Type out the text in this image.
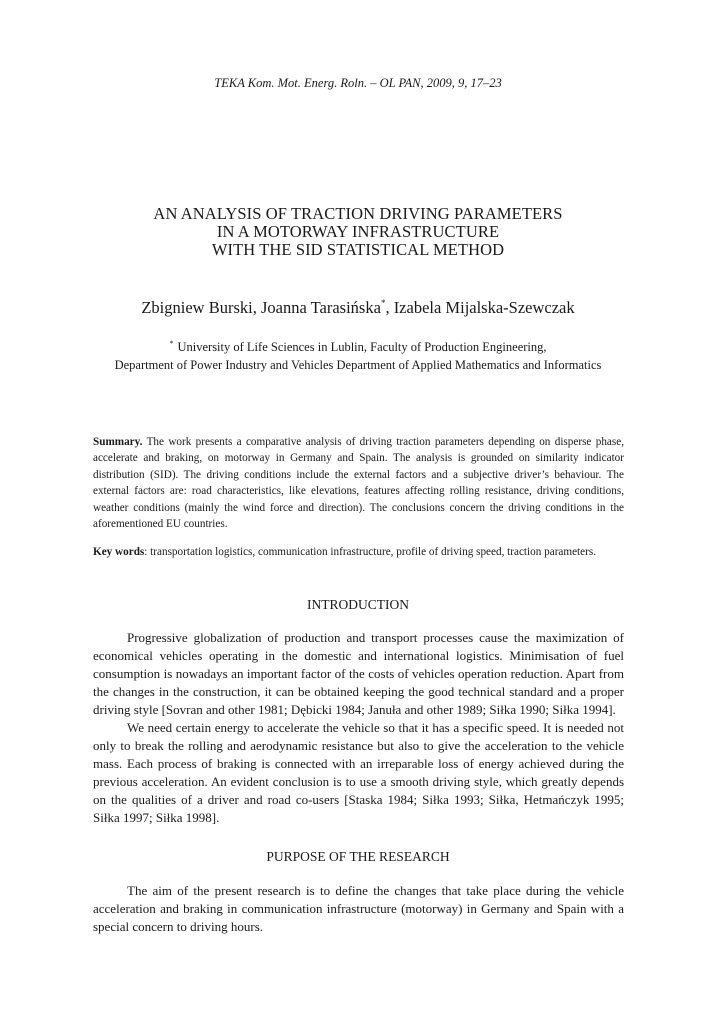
TEKA Kom. Mot. Energ. Roln. – OL PAN, 2009, 9, 17–23
AN ANALYSIS OF TRACTION DRIVING PARAMETERS
IN A MOTORWAY INFRASTRUCTURE
WITH THE SID STATISTICAL METHOD
Zbigniew Burski, Joanna Tarasińska*, Izabela Mijalska-Szewczak
* University of Life Sciences in Lublin, Faculty of Production Engineering,
Department of Power Industry and Vehicles Department of Applied Mathematics and Informatics
Summary. The work presents a comparative analysis of driving traction parameters depending on disperse phase, accelerate and braking, on motorway in Germany and Spain. The analysis is grounded on similarity indicator distribution (SID). The driving conditions include the external factors and a subjective driver’s behaviour. The external factors are: road characteristics, like elevations, features affecting rolling resistance, driving conditions, weather conditions (mainly the wind force and direction). The conclusions concern the driving conditions in the aforementioned EU countries.
Key words: transportation logistics, communication infrastructure, profile of driving speed, traction parameters.
INTRODUCTION

Progressive globalization of production and transport processes cause the maximization of economical vehicles operating in the domestic and international logistics. Minimisation of fuel consumption is nowadays an important factor of the costs of vehicles operation reduction. Apart from the changes in the construction, it can be obtained keeping the good technical standard and a proper driving style [Sovran and other 1981; Dębicki 1984; Januła and other 1989; Siłka 1990; Siłka 1994].

We need certain energy to accelerate the vehicle so that it has a specific speed. It is needed not only to break the rolling and aerodynamic resistance but also to give the acceleration to the vehicle mass. Each process of braking is connected with an irreparable loss of energy achieved during the previous acceleration. An evident conclusion is to use a smooth driving style, which greatly depends on the qualities of a driver and road co-users [Staska 1984; Siłka 1993; Siłka, Hetmańczyk 1995; Siłka 1997; Siłka 1998].

PURPOSE OF THE RESEARCH

The aim of the present research is to define the changes that take place during the vehicle acceleration and braking in communication infrastructure (motorway) in Germany and Spain with a special concern to driving hours.
